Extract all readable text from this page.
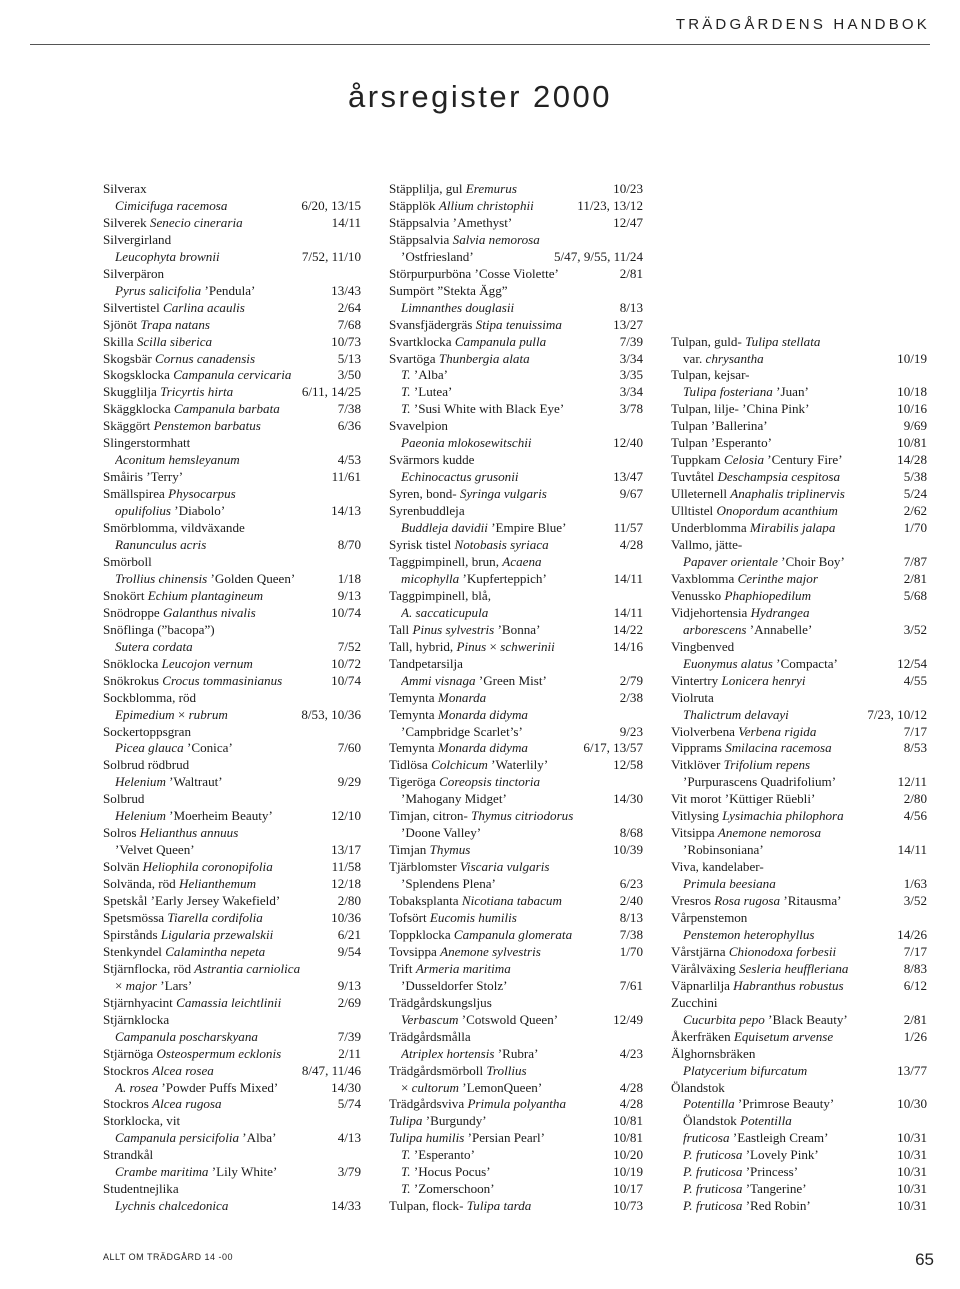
TRÄDGÅRDENS HANDBOK
årsregister 2000
Silverax
Cimicifuga racemosa	6/20, 13/15
Silverek Senecio cineraria	14/11
Silvergirland
Leucophyta brownii	7/52, 11/10
Silverpäron
Pyrus salicifolia ’Pendula’	13/43
Silvertistel Carlina acaulis	2/64
Sjönöt Trapa natans	7/68
Skilla Scilla siberica	10/73
Skogsbär Cornus canadensis	5/13
Skogsklocka Campanula cervicaria	3/50
Skugglilja Tricyrtis hirta	6/11, 14/25
Skäggklocka Campanula barbata	7/38
Skäggört Penstemon barbatus	6/36
Slingerstormhatt
Aconitum hemsleyanum	4/53
Småiris ’Terry’	11/61
Smällspirea Physocarpus
opulifolius ’Diabolo’	14/13
Smörblomma, vildväxande
Ranunculus acris	8/70
Smörboll
Trollius chinensis ’Golden Queen’	1/18
Snokört Echium plantagineum	9/13
Snödroppe Galanthus nivalis	10/74
Snöflinga (”bacopa”)
Sutera cordata	7/52
Snöklocka Leucojon vernum	10/72
Snökrokus Crocus tommasinianus	10/74
Sockblomma, röd
Epimedium × rubrum	8/53, 10/36
Sockertoppsgran
Picea glauca ’Conica’	7/60
Solbrud rödbrud
Helenium ’Waltraut’	9/29
Solbrud
Helenium ’Moerheim Beauty’	12/10
Solros Helianthus annuus
’Velvet Queen’	13/17
Solvän Heliophila coronopifolia	11/58
Solvända, röd Helianthemum	12/18
Spetskål ’Early Jersey Wakefield’	2/80
Spetsmössa Tiarella cordifolia	10/36
Spirstånds Ligularia przewalskii	6/21
Stenkyndel Calamintha nepeta	9/54
Stjärnflocka, röd Astrantia carniolica
× major ’Lars’	9/13
Stjärnhyacint Camassia leichtlinii	2/69
Stjärnklocka
Campanula poscharskyana	7/39
Stjärnöga Osteospermum ecklonis	2/11
Stockros Alcea rosea	8/47, 11/46
A. rosea ’Powder Puffs Mixed’	14/30
Stockros Alcea rugosa	5/74
Storklocka, vit
Campanula persicifolia ’Alba’	4/13
Strandkål
Crambe maritima ’Lily White’	3/79
Studentnejlika
Lychnis chalcedonica	14/33
Stäpplilja, gul Eremurus	10/23
Stäpplök Allium christophii	11/23, 13/12
Stäppsalvia ’Amethyst’	12/47
Stäppsalvia Salvia nemorosa
’Ostfriesland’	5/47, 9/55, 11/24
Störpurpurböna ’Cosse Violette’	2/81
Sumpört ”Stekta Ägg”
Limnanthes douglasii	8/13
Svansfjädergräs Stipa tenuissima	13/27
Svartklocka Campanula pulla	7/39
Svartöga Thunbergia alata	3/34
T. ’Alba’	3/35
T. ’Lutea’	3/34
T. ’Susi White with Black Eye’	3/78
Svavelpion
Paeonia mlokosewitschii	12/40
Svärmors kudde
Echinocactus grusonii	13/47
Syren, bond- Syringa vulgaris	9/67
Syrenbuddleja
Buddleja davidii ’Empire Blue’	11/57
Syrisk tistel Notobasis syriaca	4/28
Taggpimpinell, brun, Acaena
micophylla ’Kupferteppich’	14/11
Taggpimpinell, blå,
A. saccaticupula	14/11
Tall Pinus sylvestris ’Bonna’	14/22
Tall, hybrid, Pinus × schwerinii	14/16
Tandpetarsilja
Ammi visnaga ’Green Mist’	2/79
Temynta Monarda	2/38
Temynta Monarda didyma
’Campbridge Scarlet’s’	9/23
Temynta Monarda didyma	6/17, 13/57
Tidlösa Colchicum ’Waterlily’	12/58
Tigeröga Coreopsis tinctoria
’Mahogany Midget’	14/30
Timjan, citron- Thymus citriodorus
’Doone Valley’	8/68
Timjan Thymus	10/39
Tjärblomster Viscaria vulgaris
’Splendens Plena’	6/23
Tobaksplanta Nicotiana tabacum	2/40
Tofsört Eucomis humilis	8/13
Toppklocka Campanula glomerata	7/38
Tovsippa Anemone sylvestris	1/70
Trift Armeria maritima
’Dusseldorfer Stolz’	7/61
Trädgårdskungsljus
Verbascum ’Cotswold Queen’	12/49
Trädgårdsmålla
Atriplex hortensis ’Rubra’	4/23
Trädgårdsmörboll Trollius
× cultorum ’LemonQueen’	4/28
Trädgårdsviva Primula polyantha	4/28
Tulipa ’Burgundy’	10/81
Tulipa humilis ’Persian Pearl’	10/81
T. ’Esperanto’	10/20
T. ’Hocus Pocus’	10/19
T. ’Zomerschoon’	10/17
Tulpan, flock- Tulipa tarda	10/73

Tulpan, guld- Tulipa stellata
var. chrysantha	10/19
Tulpan, kejsar-
Tulipa fosteriana ’Juan’	10/18
Tulpan, lilje- ’China Pink’	10/16
Tulpan ’Ballerina’	9/69
Tulpan ’Esperanto’	10/81
Tuppkam Celosia ’Century Fire’	14/28
Tuvtåtel Deschampsia cespitosa	5/38
Ulleternell Anaphalis triplinervis	5/24
Ulltistel Onopordum acanthium	2/62
Underblomma Mirabilis jalapa	1/70
Vallmo, jätte-
Papaver orientale ’Choir Boy’	7/87
Vaxblomma Cerinthe major	2/81
Venussko Phaphiopedilum	5/68
Vidjehortensia Hydrangea
arborescens ’Annabelle’	3/52
Vingbenved
Euonymus alatus ’Compacta’	12/54
Vintertry Lonicera henryi	4/55
Violruta
Thalictrum delavayi	7/23, 10/12
Violverbena Verbena rigida	7/17
Vipprams Smilacina racemosa	8/53
Vitklöver Trifolium repens
’Purpurascens Quadrifolium’	12/11
Vit morot ’Küttiger Rüebli’	2/80
Vitlysing Lysimachia philophora	4/56
Vitsippa Anemone nemorosa
’Robinsoniana’	14/11
Viva, kandelaber-
Primula beesiana	1/63
Vresros Rosa rugosa ’Ritausma’	3/52
Vårpenstemon
Penstemon heterophyllus	14/26
Vårstjärna Chionodoxa forbesii	7/17
Värålväxing Sesleria heuffleriana	8/83
Väpnarlilja Habranthus robustus	6/12
Zucchini
Cucurbita pepo ’Black Beauty’	2/81
Åkerfräken Equisetum arvense	1/26
Älghornsbräken
Platycerium bifurcatum	13/77
Ölandstok
Potentilla ’Primrose Beauty’	10/30
Ölandstok Potentilla
fruticosa ’Eastleigh Cream’	10/31
P. fruticosa ’Lovely Pink’	10/31
P. fruticosa ’Princess’	10/31
P. fruticosa ’Tangerine’	10/31
P. fruticosa ’Red Robin’	10/31
ALLT OM TRÄDGÅRD 14 -00	65
